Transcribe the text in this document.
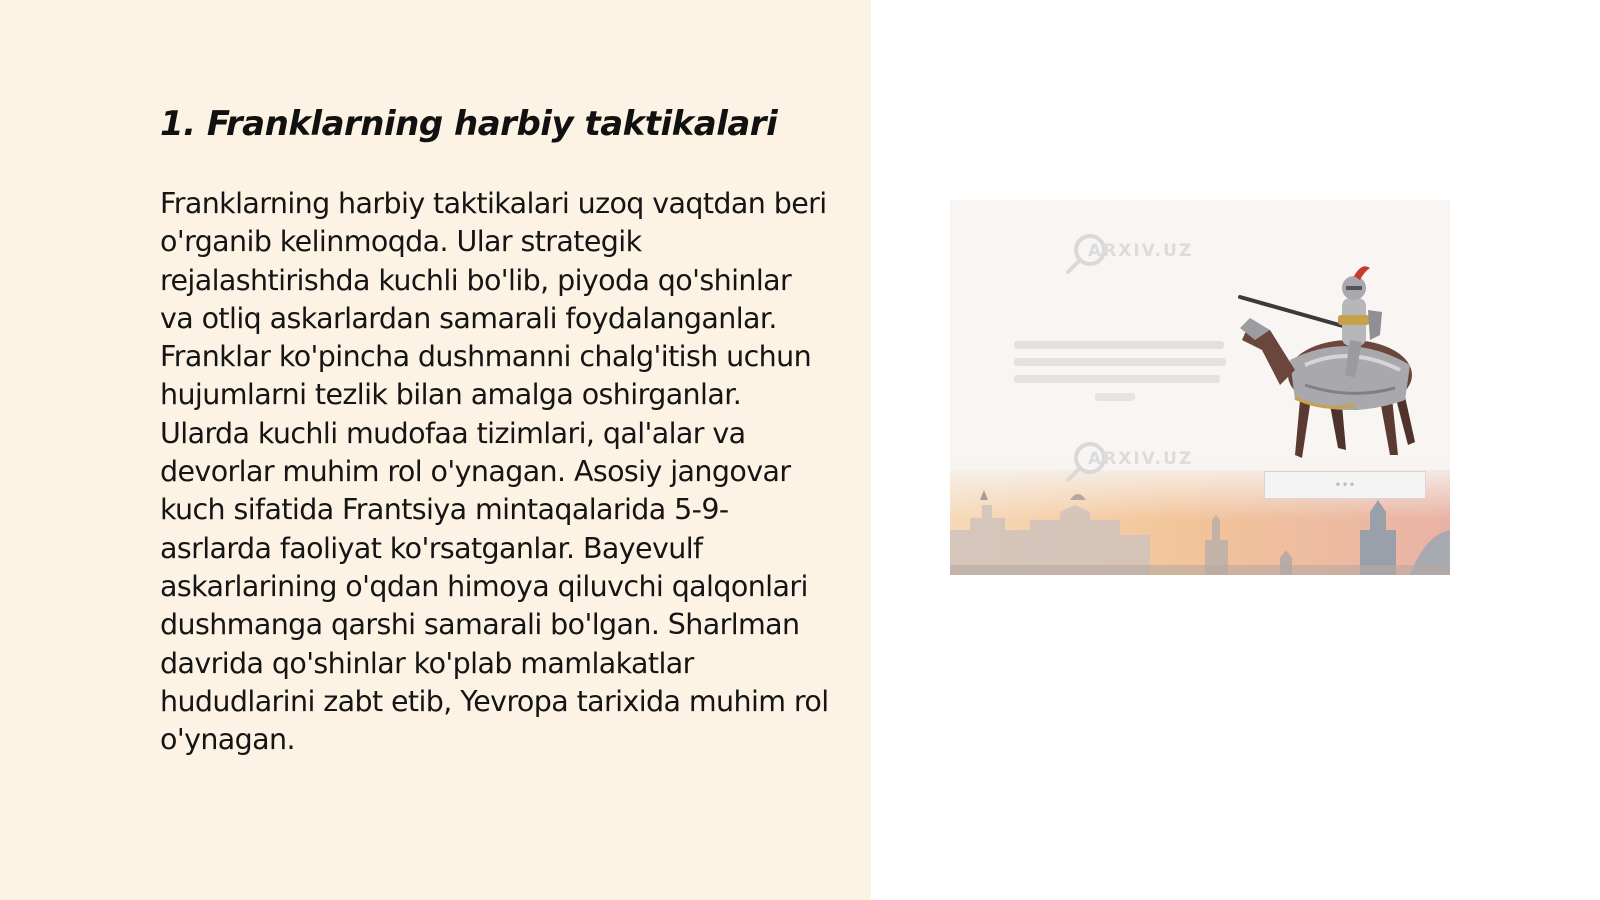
1. Franklarning harbiy taktikalari

Franklarning harbiy taktikalari uzoq vaqtdan beri o'rganib kelinmoqda. Ular strategik rejalashtirishda kuchli bo'lib, piyoda qo'shinlar va otliq askarlardan samarali foydalanganlar. Franklar ko'pincha dushmanni chalg'itish uchun hujumlarni tezlik bilan amalga oshirganlar. Ularda kuchli mudofaa tizimlari, qal'alar va devorlar muhim rol o'ynagan. Asosiy jangovar kuch sifatida Frantsiya mintaqalarida 5-9-asrlarda faoliyat ko'rsatganlar. Bayevulf askarlarining o'qdan himoya qiluvchi qalqonlari dushmanga qarshi samarali bo'lgan. Sharlman davrida qo'shinlar ko'plab mamlakatlar hududlarini zabt etib, Yevropa tarixida muhim rol o'ynagan.

ARXIV.UZ
ARXIV.UZ
•••
